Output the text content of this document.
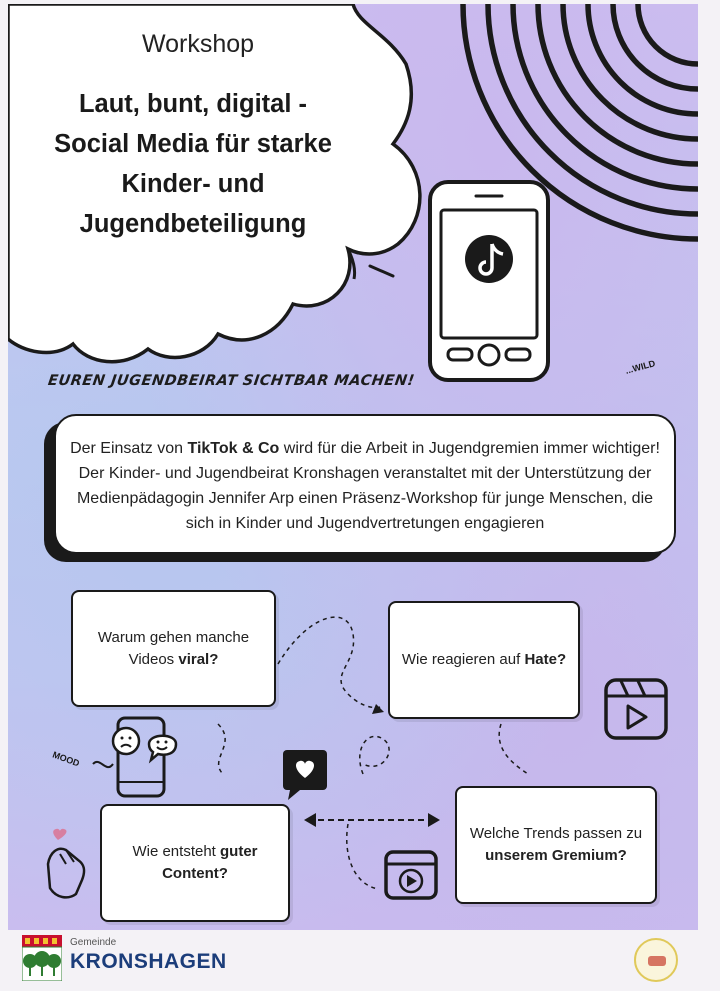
Workshop
Laut, bunt, digital -
Social Media für starke
Kinder- und
Jugendbeteiligung
EUREN JUGENDBEIRAT SICHTBAR MACHEN!
...WILD
MOOD
Der Einsatz von TikTok & Co wird für die Arbeit in Jugendgremien immer wichtiger! Der Kinder- und Jugendbeirat Kronshagen veranstaltet mit der Unterstützung der Medienpädagogin Jennifer Arp einen Präsenz-Workshop für junge Menschen, die sich in Kinder und Jugendvertretungen engagieren
Warum gehen manche Videos viral?	Wie reagieren auf Hate?
Wie entsteht guter Content?
Welche Trends passen zu unserem Gremium?
Gemeinde
KRONSHAGEN
